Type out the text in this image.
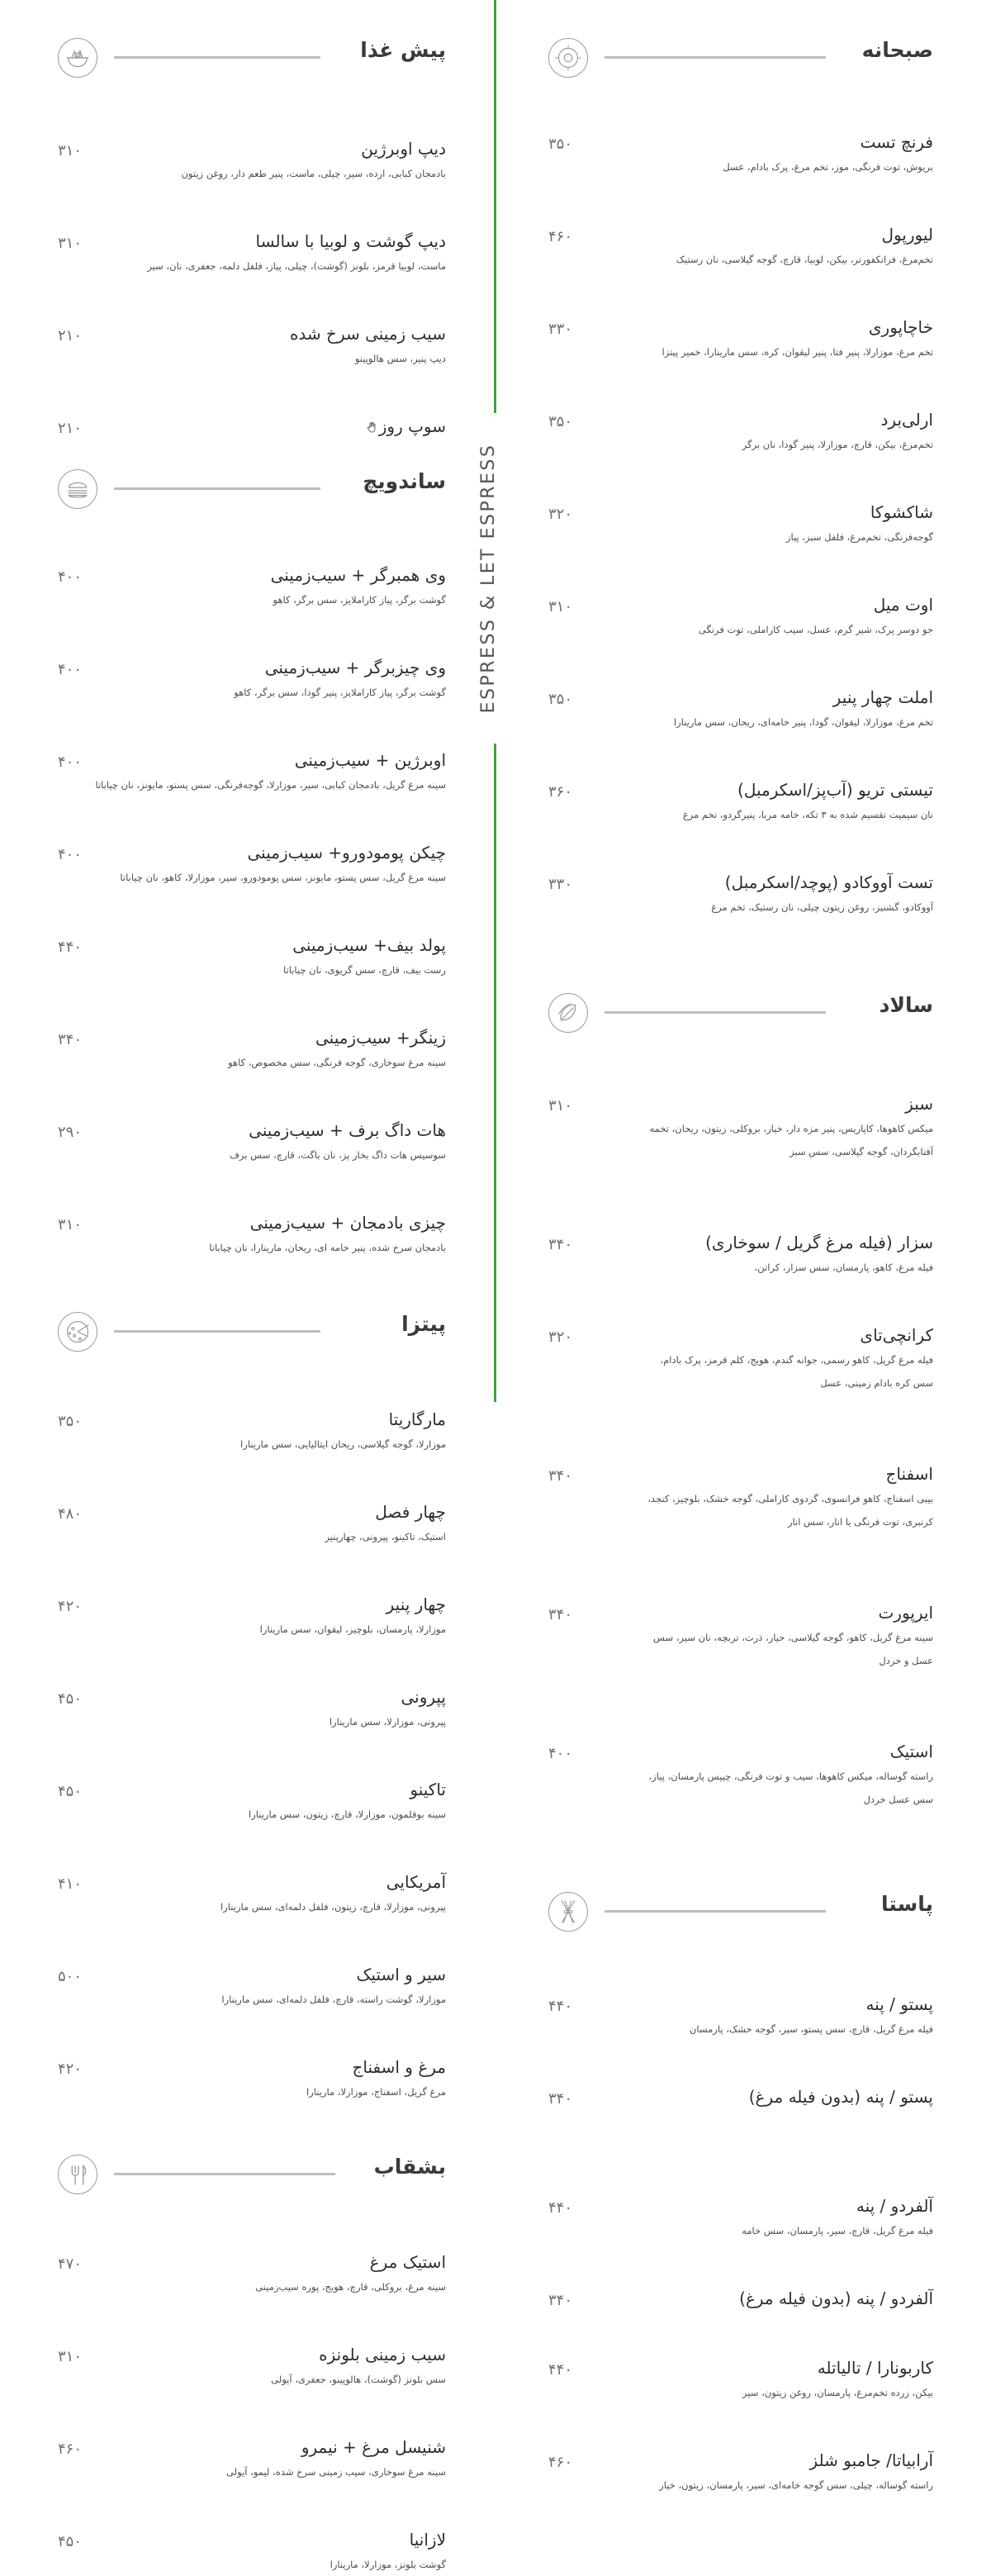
ESPRESS & LET ESPRESS
صبحانه
۳۵۰	فرنچ تست
بریوش، توت فرنگی، موز، تخم مرغ، پرک بادام، عسل
۴۶۰	لیورپول
تخم‌مرغ، فرانکفورتر، بیکن، لوبیا، قارچ، گوجه گیلاسی، نان رستیک
۳۳۰	خاچاپوری
تخم مرغ، موزارلا، پنیر فتا، پنیر لیقوان، کره، سس مارینارا، خمیر پیتزا
۳۵۰	ارلی‌برد
تخم‌مرغ، بیکن، قارچ، موزارلا، پنیر گودا، نان برگر
۳۲۰	شاکشوکا
گوجه‌فرنگی، تخم‌مرغ، فلفل سبز، پیاز
۳۱۰	اوت میل
جو دوسر پرک، شیر گرم، عسل، سیب کاراملی، توت فرنگی
۳۵۰	املت چهار پنیر
تخم مرغ، موزارلا، لیقوان، گودا، پنیر خامه‌ای، ریحان، سس مارینارا
۳۶۰	تیستی تریو (آب‌پز/اسکرمبل)
نان سیمیت تقسیم شده به ۳ تکه، خامه مربا، پنیرگردو، تخم مرغ
۳۳۰	تست آووکادو (پوچد/اسکرمبل)
آووکادو، گشنیز، روغن زیتون چیلی، نان رستیک، تخم مرغ
سالاد
۳۱۰	سبز
میکس کاهوها، کاپاریس، پنیر مزه دار، خیار، بروکلی، زیتون، ریحان، تخمه آفتابگردان، گوجه گیلاسی، سس سبز
۳۴۰	سزار (فیله مرغ گریل / سوخاری)
فیله مرغ، کاهو، پارمسان، سس سزار، کراتن،
۳۲۰	کرانچی‌تای
فیله مرغ گریل، کاهو رسمی، جوانه گندم، هویج، کلم قرمز، پرک بادام، سس کره بادام زمینی، عسل
۳۴۰	اسفناج
بیبی اسفناج، کاهو فرانسوی، گردوی کاراملی، گوجه خشک، بلوچیز، کنجد، کرنبری، توت فرنگی یا انار، سس انار
۳۴۰	ایرپورت
سینه مرغ گریل، کاهو، گوجه گیلاسی، خیار، ذرت، تربچه، نان سیر، سس عسل و خردل
۴۰۰	استیک
راسته گوساله، میکس کاهوها، سیب و توت فرنگی، چیپس پارمسان، پیاز، سس عسل خردل
پاستا
۴۴۰	پستو / پنه
فیله مرغ گریل، قارچ، سس پستو، سیر، گوجه خشک، پارمسان
۳۴۰	پستو / پنه (بدون فیله مرغ)
۴۴۰	آلفردو / پنه
فیله مرغ گریل، قارچ، سیر، پارمسان، سس خامه
۳۴۰	آلفردو / پنه (بدون فیله مرغ)
۴۴۰	کاربونارا / تالیاتله
بیکن، زرده تخم‌مرغ، پارمسان، روغن زیتون، سیر
۴۶۰	آرابیاتا/ جامبو شلز
راسته گوساله، چیلی، سس گوجه خامه‌ای، سیر، پارمسان، زیتون، خیار
پیش غذا
۳۱۰	دیپ اوبرژین
بادمجان کبابی، ارده، سیر، چیلی، ماست، پنیر طعم دار، روغن زیتون
۳۱۰	دیپ گوشت و لوبیا با سالسا
ماست، لوبیا قرمز، بلونز (گوشت)، چیلی، پیاز، فلفل دلمه، جعفری، نان، سیر
۲۱۰	سیب زمینی سرخ شده
دیپ پنیر، سس هالوپینو
۲۱۰	سوپ روز
ساندویچ
۴۰۰	وی همبرگر + سیب‌زمینی
گوشت برگر، پیاز کاراملایز، سس برگر، کاهو
۴۰۰	وی چیزبرگر + سیب‌زمینی
گوشت برگر، پیاز کاراملایز، پنیر گودا، سس برگر، کاهو
۴۰۰	اوبرژین + سیب‌زمینی
سینه مرغ گریل، بادمجان کبابی، سیر، موزارلا، گوجه‌فرنگی، سس پستو، مایونز، نان چیاباتا
۴۰۰	چیکن پومودورو+ سیب‌زمینی
سینه مرغ گریل، سس پستو، مایونز، سس پومودورو، سیر، موزارلا، کاهو، نان چیاباتا
۴۴۰	پولد بیف+ سیب‌زمینی
رست بیف، قارچ، سس گریوی، نان چیاباتا
۳۴۰	زینگر+ سیب‌زمینی
سینه مرغ سوخاری، گوجه فرنگی، سس مخصوص، کاهو
۲۹۰	هات داگ برف + سیب‌زمینی
سوسیس هات داگ بخار پز، نان باگت، قارچ، سس برف
۳۱۰	چیزی بادمجان + سیب‌زمینی
بادمجان سرخ شده، پنیر خامه ای، ریحان، مارینارا، نان چیاباتا
پیتزا
۳۵۰	مارگاریتا
موزارلا، گوجه گیلاسی، ریحان ایتالیایی، سس مارینارا
۴۸۰	چهار فصل
استیک، تاکینو، پپرونی، چهارپنیر
۴۲۰	چهار پنیر
موزارلا، پارمسان، بلوچیز، لیقوان، سس مارینارا
۴۵۰	پپرونی
پپرونی، موزارلا، سس مارینارا
۴۵۰	تاکینو
سینه بوقلمون، موزارلا، قارچ، زیتون، سس مارینارا
۴۱۰	آمریکایی
پپرونی، موزارلا، قارچ، زیتون، فلفل دلمه‌ای، سس مارینارا
۵۰۰	سیر و استیک
موزارلا، گوشت راسته، قارچ، فلفل دلمه‌ای، سس مارینارا
۴۲۰	مرغ و اسفناج
مرغ گریل، اسفناج، موزارلا، مارینارا
بشقاب
۴۷۰	استیک مرغ
سینه مرغ، بروکلی، قارچ، هویج، پوره سیب‌زمینی
۳۱۰	سیب زمینی بلونزه
سس بلونز (گوشت)، هالوپینو، جعفری، آیولی
۴۶۰	شنیسل مرغ + نیمرو
سینه مرغ سوخاری، سیب زمینی سرخ شده، لیمو، آیولی
۴۵۰	لازانیا
گوشت بلونز، موزارلا، مارینارا
